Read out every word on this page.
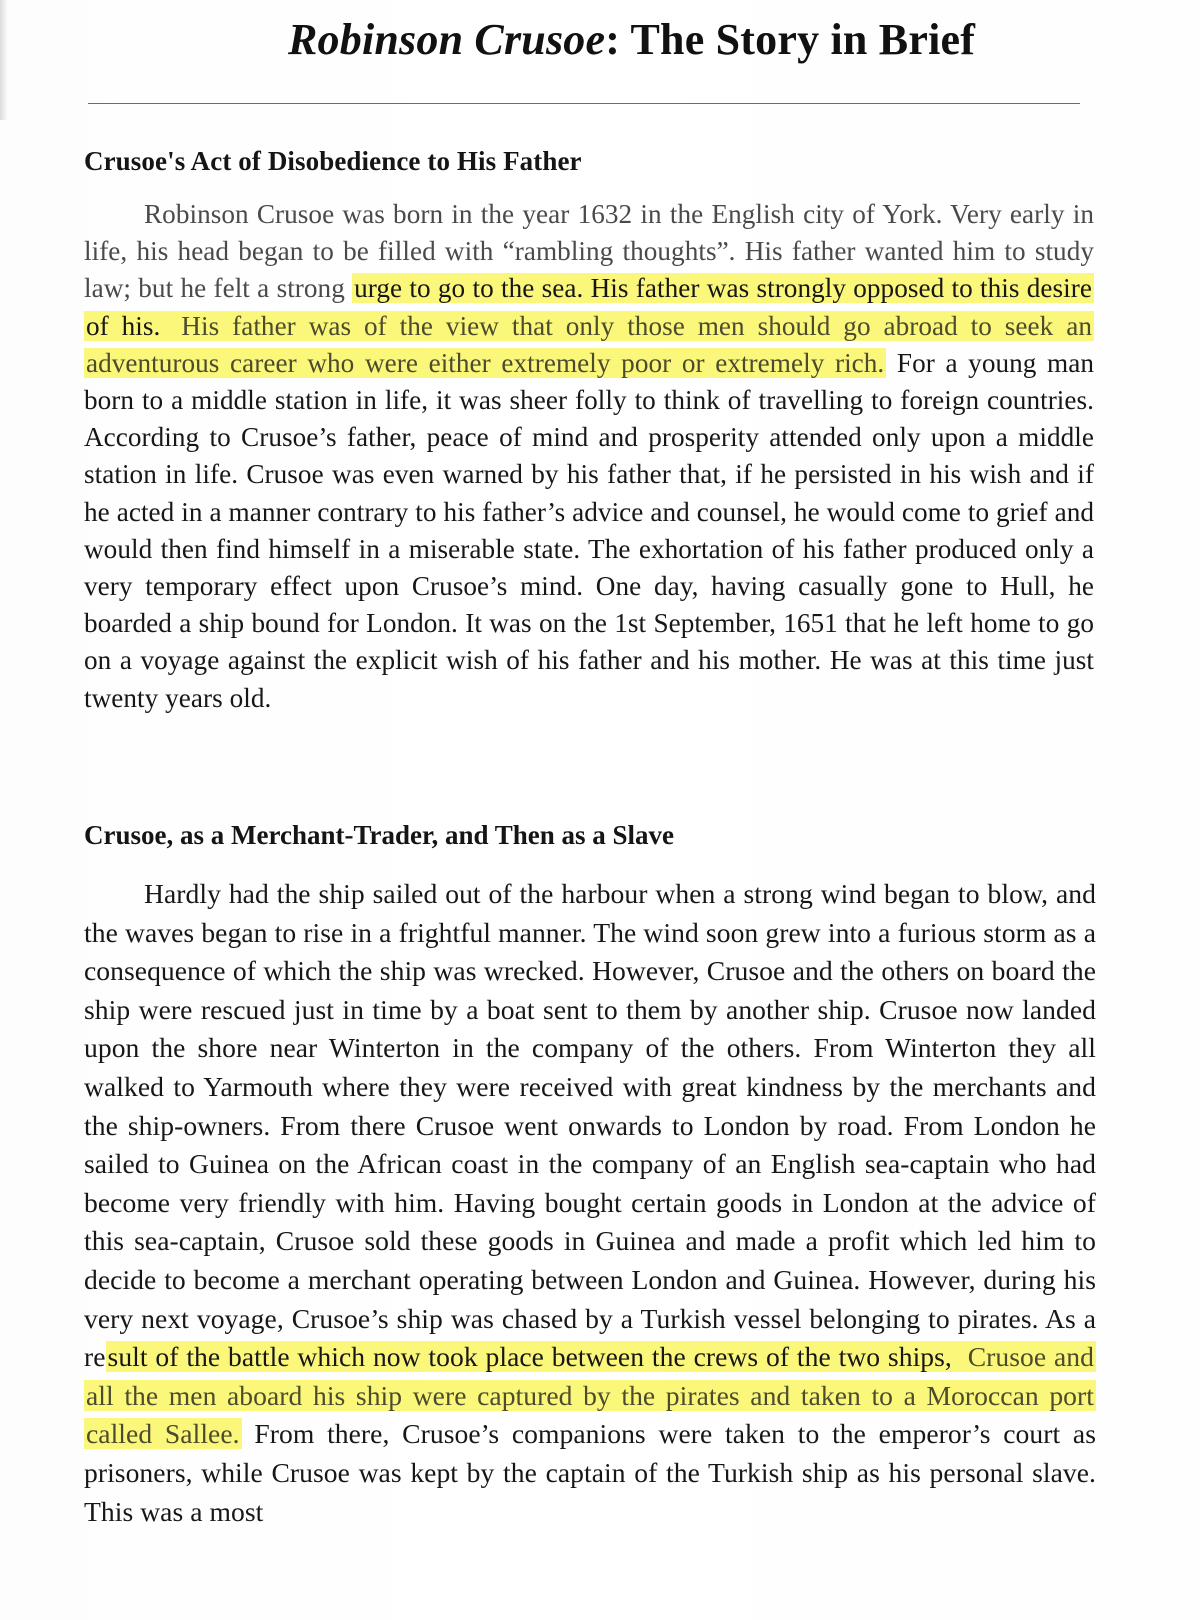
Robinson Crusoe: The Story in Brief
Crusoe's Act of Disobedience to His Father
Robinson Crusoe was born in the year 1632 in the English city of York. Very early in life, his head began to be filled with “rambling thoughts”. His father wanted him to study law; but he felt a strong urge to go to the sea. His father was strongly opposed to this desire of his. His father was of the view that only those men should go abroad to seek an adventurous career who were either extremely poor or extremely rich. For a young man born to a middle station in life, it was sheer folly to think of travelling to foreign countries. According to Crusoe’s father, peace of mind and prosperity attended only upon a middle station in life. Crusoe was even warned by his father that, if he persisted in his wish and if he acted in a manner contrary to his father’s advice and counsel, he would come to grief and would then find himself in a miserable state. The exhortation of his father produced only a very temporary effect upon Crusoe’s mind. One day, having casually gone to Hull, he boarded a ship bound for London. It was on the 1st September, 1651 that he left home to go on a voyage against the explicit wish of his father and his mother. He was at this time just twenty years old.
Crusoe, as a Merchant-Trader, and Then as a Slave
Hardly had the ship sailed out of the harbour when a strong wind began to blow, and the waves began to rise in a frightful manner. The wind soon grew into a furious storm as a consequence of which the ship was wrecked. However, Crusoe and the others on board the ship were rescued just in time by a boat sent to them by another ship. Crusoe now landed upon the shore near Winterton in the company of the others. From Winterton they all walked to Yarmouth where they were received with great kindness by the merchants and the ship-owners. From there Crusoe went onwards to London by road. From London he sailed to Guinea on the African coast in the company of an English sea-captain who had become very friendly with him. Having bought certain goods in London at the advice of this sea-captain, Crusoe sold these goods in Guinea and made a profit which led him to decide to become a merchant operating between London and Guinea. However, during his very next voyage, Crusoe’s ship was chased by a Turkish vessel belonging to pirates. As a result of the battle which now took place between the crews of the two ships, Crusoe and all the men aboard his ship were captured by the pirates and taken to a Moroccan port called Sallee. From there, Crusoe’s companions were taken to the emperor’s court as prisoners, while Crusoe was kept by the captain of the Turkish ship as his personal slave. This was a most
